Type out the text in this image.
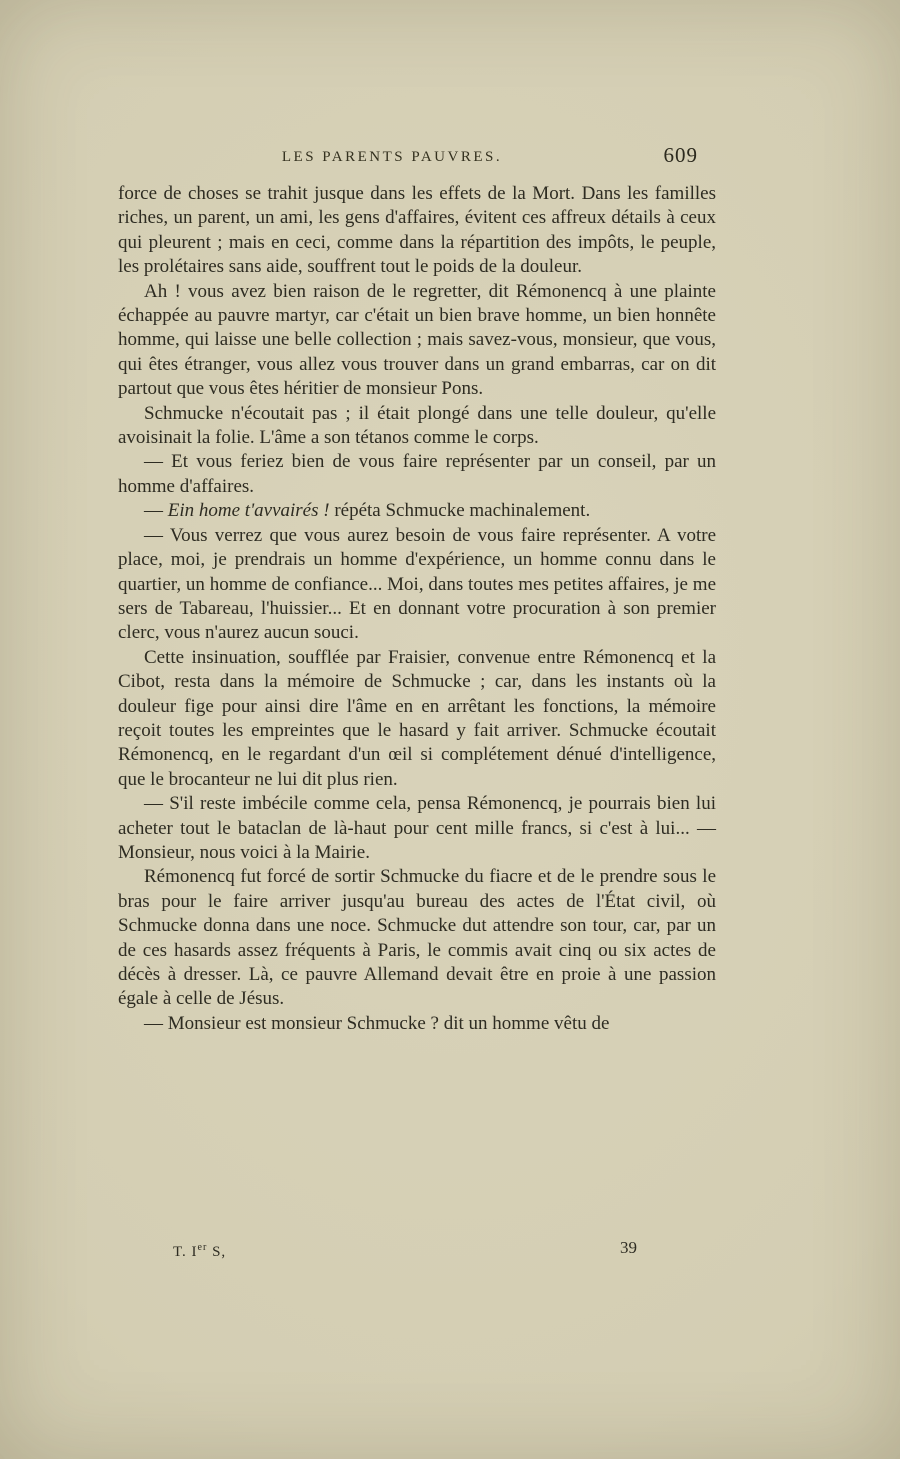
LES PARENTS PAUVRES.	609

force de choses se trahit jusque dans les effets de la Mort. Dans les familles riches, un parent, un ami, les gens d'affaires, évitent ces affreux détails à ceux qui pleurent ; mais en ceci, comme dans la répartition des impôts, le peuple, les prolétaires sans aide, souffrent tout le poids de la douleur.

Ah ! vous avez bien raison de le regretter, dit Rémonencq à une plainte échappée au pauvre martyr, car c'était un bien brave homme, un bien honnête homme, qui laisse une belle collection ; mais savez-vous, monsieur, que vous, qui êtes étranger, vous allez vous trouver dans un grand embarras, car on dit partout que vous êtes héritier de monsieur Pons.

Schmucke n'écoutait pas ; il était plongé dans une telle douleur, qu'elle avoisinait la folie. L'âme a son tétanos comme le corps.

— Et vous feriez bien de vous faire représenter par un conseil, par un homme d'affaires.

— Ein home t'avvairés ! répéta Schmucke machinalement.

— Vous verrez que vous aurez besoin de vous faire représenter. A votre place, moi, je prendrais un homme d'expérience, un homme connu dans le quartier, un homme de confiance... Moi, dans toutes mes petites affaires, je me sers de Tabareau, l'huissier... Et en donnant votre procuration à son premier clerc, vous n'aurez aucun souci.

Cette insinuation, soufflée par Fraisier, convenue entre Rémonencq et la Cibot, resta dans la mémoire de Schmucke ; car, dans les instants où la douleur fige pour ainsi dire l'âme en en arrêtant les fonctions, la mémoire reçoit toutes les empreintes que le hasard y fait arriver. Schmucke écoutait Rémonencq, en le regardant d'un œil si complétement dénué d'intelligence, que le brocanteur ne lui dit plus rien.

— S'il reste imbécile comme cela, pensa Rémonencq, je pourrais bien lui acheter tout le bataclan de là-haut pour cent mille francs, si c'est à lui... — Monsieur, nous voici à la Mairie.

Rémonencq fut forcé de sortir Schmucke du fiacre et de le prendre sous le bras pour le faire arriver jusqu'au bureau des actes de l'État civil, où Schmucke donna dans une noce. Schmucke dut attendre son tour, car, par un de ces hasards assez fréquents à Paris, le commis avait cinq ou six actes de décès à dresser. Là, ce pauvre Allemand devait être en proie à une passion égale à celle de Jésus.

— Monsieur est monsieur Schmucke ? dit un homme vêtu de

T. Ier S,	39
